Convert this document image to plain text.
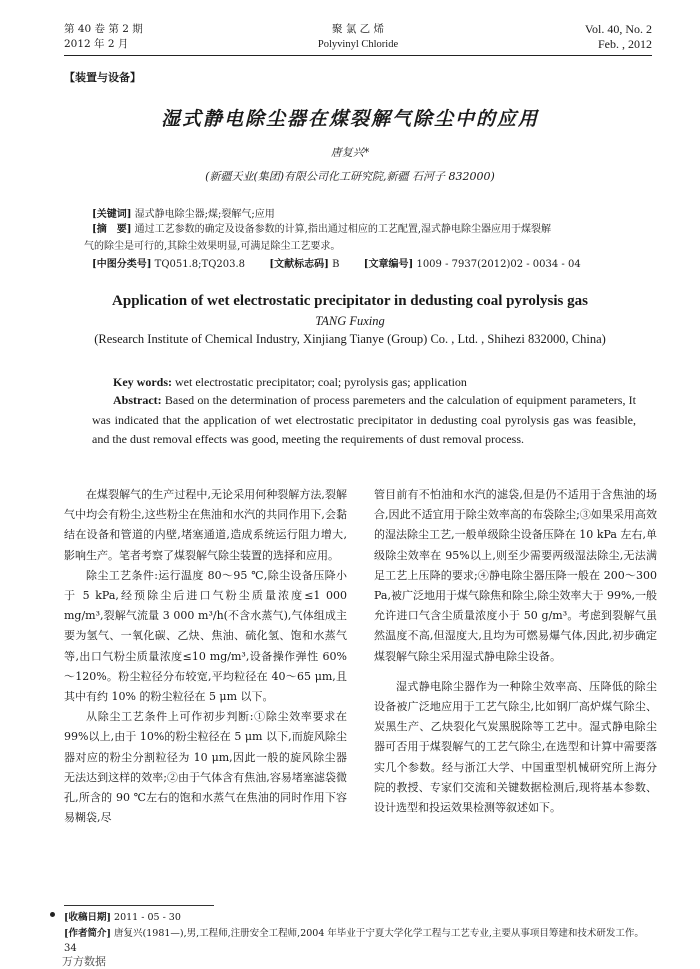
第 40 卷 第 2 期
2012 年 2 月
聚 氯 乙 烯
Polyvinyl Chloride
Vol. 40, No. 2
Feb. , 2012
【装置与设备】
湿式静电除尘器在煤裂解气除尘中的应用
唐复兴*
(新疆天业(集团)有限公司化工研究院,新疆 石河子 832000)
[关键词] 湿式静电除尘器;煤;裂解气;应用
[摘　要] 通过工艺参数的确定及设备参数的计算,指出通过相应的工艺配置,湿式静电除尘器应用于煤裂解
气的除尘是可行的,其除尘效果明显,可满足除尘工艺要求。
[中图分类号] TQ051.8;TQ203.8 [文献标志码] B [文章编号] 1009 - 7937(2012)02 - 0034 - 04
Application of wet electrostatic precipitator in dedusting coal pyrolysis gas
TANG Fuxing
(Research Institute of Chemical Industry, Xinjiang Tianye (Group) Co. , Ltd. , Shihezi 832000, China)
Key words: wet electrostatic precipitator; coal; pyrolysis gas; application
Abstract: Based on the determination of process paremeters and the calculation of equipment parameters, It was indicated that the application of wet electrostatic precipitator in dedusting coal pyrolysis gas was feasible, and the dust removal effects was good, meeting the requirements of dust removal process.

在煤裂解气的生产过程中,无论采用何种裂解方法,裂解气中均会有粉尘,这些粉尘在焦油和水汽的共同作用下,会黏结在设备和管道的内壁,堵塞通道,造成系统运行阻力增大,影响生产。笔者考察了煤裂解气除尘装置的选择和应用。

除尘工艺条件:运行温度 80～95 ℃,除尘设备压降小于 5 kPa,经预除尘后进口气粉尘质量浓度≤1 000 mg/m³,裂解气流量 3 000 m³/h(不含水蒸气),气体组成主要为氢气、一氧化碳、乙炔、焦油、硫化氢、饱和水蒸气等,出口气粉尘质量浓度≤10 mg/m³,设备操作弹性 60%～120%。粉尘粒径分布较宽,平均粒径在 40～65 μm,且其中有约 10% 的粉尘粒径在 5 μm 以下。

从除尘工艺条件上可作初步判断:①除尘效率要求在 99%以上,由于 10%的粉尘粒径在 5 μm 以下,而旋风除尘器对应的粉尘分割粒径为 10 μm,因此一般的旋风除尘器无法达到这样的效率;②由于气体含有焦油,容易堵塞滤袋微孔,所含的 90 ℃左右的饱和水蒸气在焦油的同时作用下容易糊袋,尽

管目前有不怕油和水汽的滤袋,但是仍不适用于含焦油的场合,因此不适宜用于除尘效率高的布袋除尘;③如果采用高效的湿法除尘工艺,一般单级除尘设备压降在 10 kPa 左右,单级除尘效率在 95%以上,则至少需要两级湿法除尘,无法满足工艺上压降的要求;④静电除尘器压降一般在 200～300 Pa,被广泛地用于煤气除焦和除尘,除尘效率大于 99%,一般允许进口气含尘质量浓度小于 50 g/m³。考虑到裂解气虽然温度不高,但湿度大,且均为可燃易爆气体,因此,初步确定煤裂解气除尘采用湿式静电除尘设备。

湿式静电除尘器作为一种除尘效率高、压降低的除尘设备被广泛地应用于工艺气除尘,比如钢厂高炉煤气除尘、炭黑生产、乙炔裂化气炭黑脱除等工艺中。湿式静电除尘器可否用于煤裂解气的工艺气除尘,在选型和计算中需要落实几个参数。经与浙江大学、中国重型机械研究所上海分院的教授、专家们交流和关键数据检测后,现将基本参数、设计选型和投运效果检测等叙述如下。

[收稿日期] 2011 - 05 - 30
[作者简介] 唐复兴(1981—),男,工程师,注册安全工程师,2004 年毕业于宁夏大学化学工程与工艺专业,主要从事项目筹建和技术研发工作。
34
万方数据
